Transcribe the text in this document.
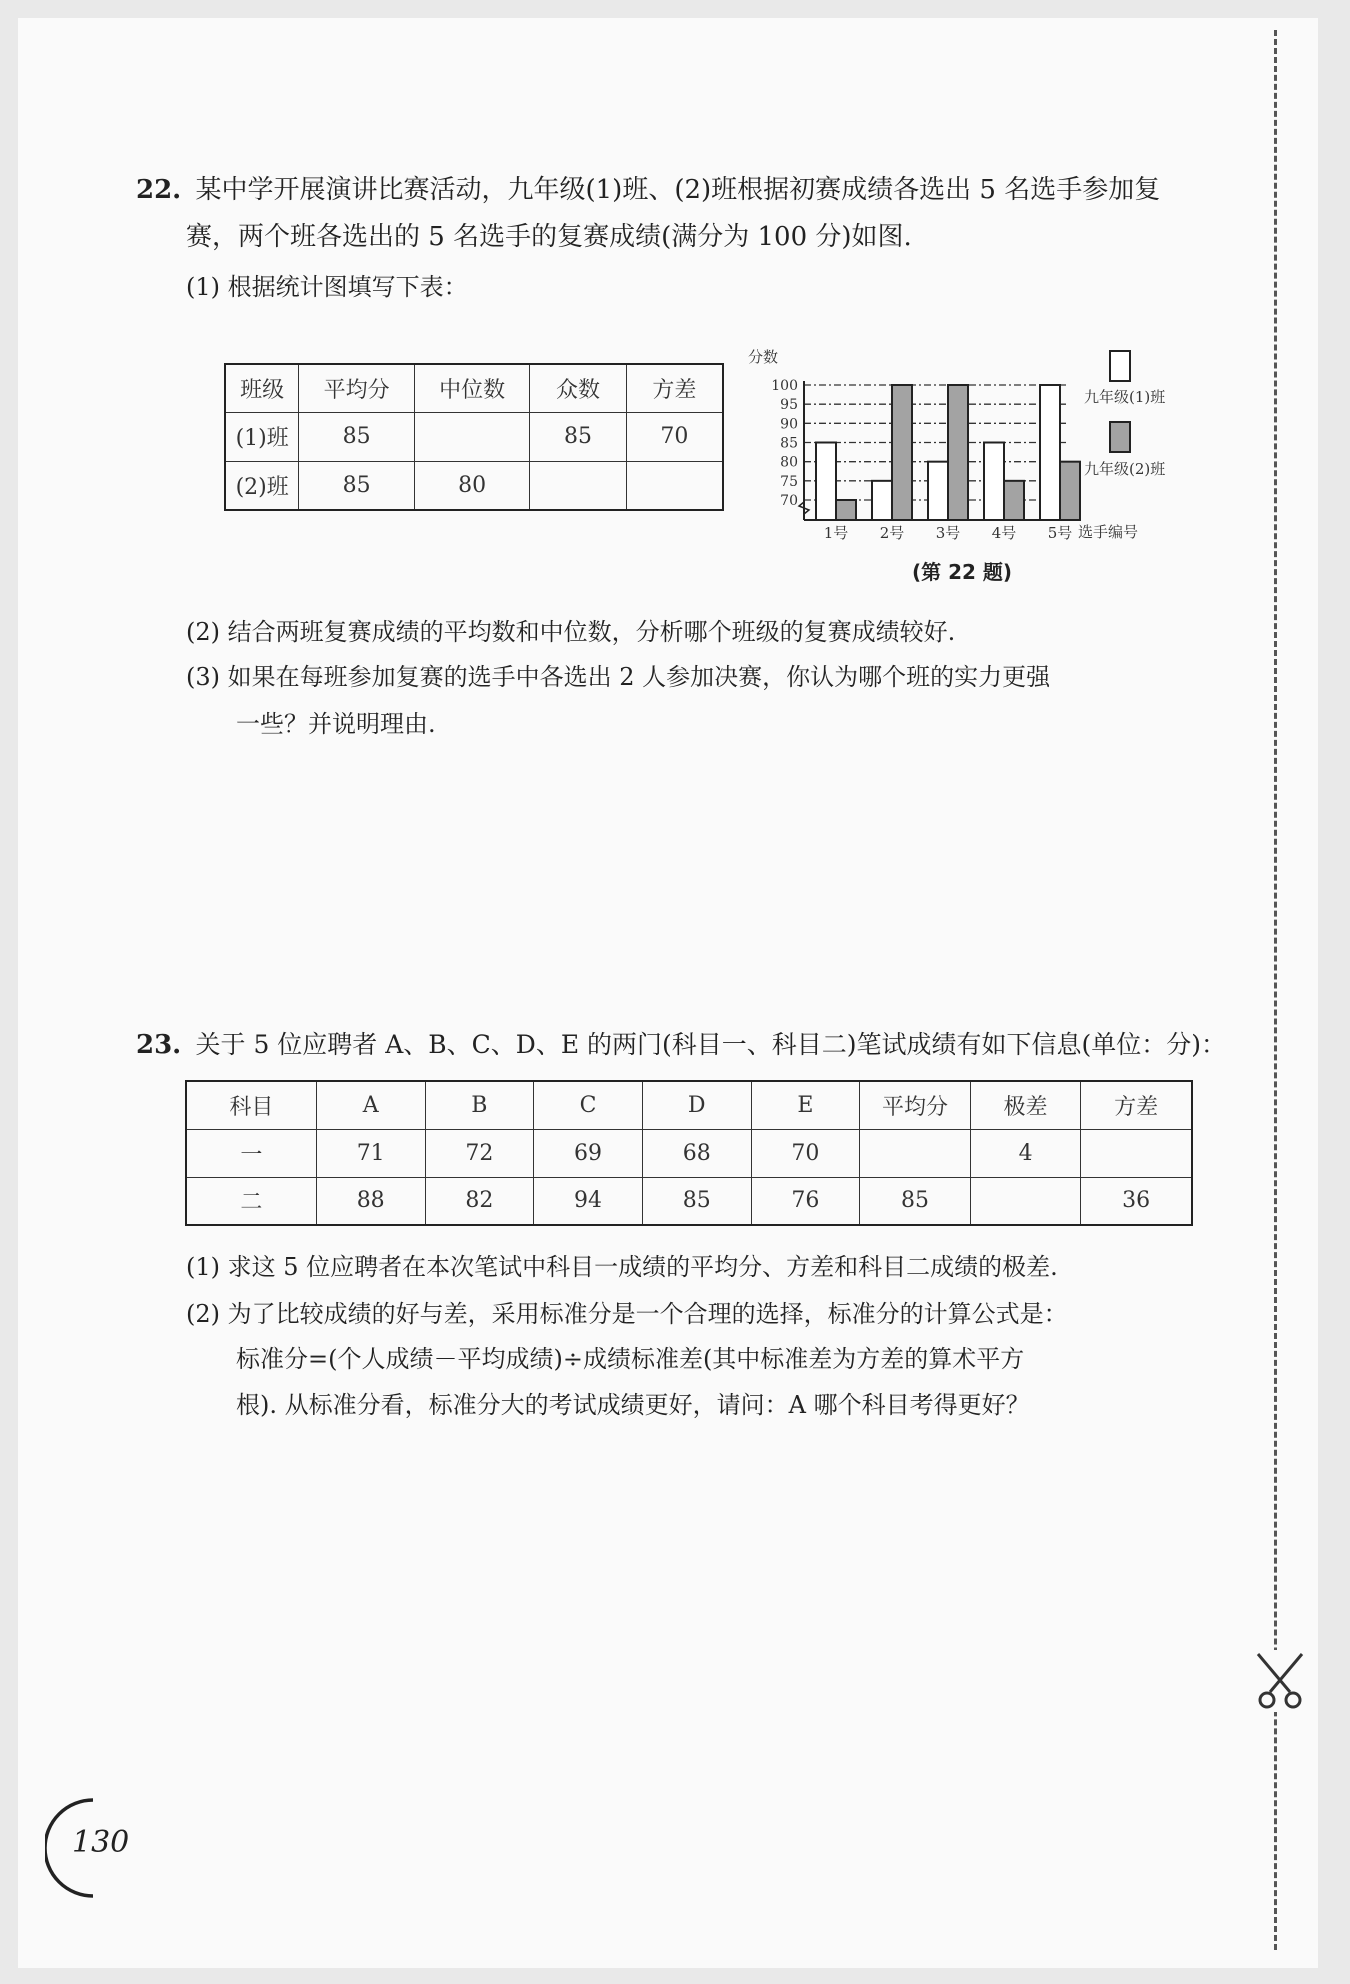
22. 某中学开展演讲比赛活动，九年级(1)班、(2)班根据初赛成绩各选出 5 名选手参加复
赛，两个班各选出的 5 名选手的复赛成绩(满分为 100 分)如图.
(1) 根据统计图填写下表：
班级	平均分	中位数	众数	方差
(1)班	85		85	70
(2)班	85	80		
分数
100
95
90
85
80
75
70
1号 2号 3号 4号 5号 选手编号
九年级(1)班
九年级(2)班
(第 22 题)
(2) 结合两班复赛成绩的平均数和中位数，分析哪个班级的复赛成绩较好.
(3) 如果在每班参加复赛的选手中各选出 2 人参加决赛，你认为哪个班的实力更强
一些？并说明理由.
23. 关于 5 位应聘者 A、B、C、D、E 的两门(科目一、科目二)笔试成绩有如下信息(单位：分)：
科目	A	B	C	D	E	平均分	极差	方差
一	71	72	69	68	70		4	
二	88	82	94	85	76	85		36
(1) 求这 5 位应聘者在本次笔试中科目一成绩的平均分、方差和科目二成绩的极差.
(2) 为了比较成绩的好与差，采用标准分是一个合理的选择，标准分的计算公式是：
标准分=(个人成绩－平均成绩)÷成绩标准差(其中标准差为方差的算术平方
根). 从标准分看，标准分大的考试成绩更好，请问：A 哪个科目考得更好？
130
